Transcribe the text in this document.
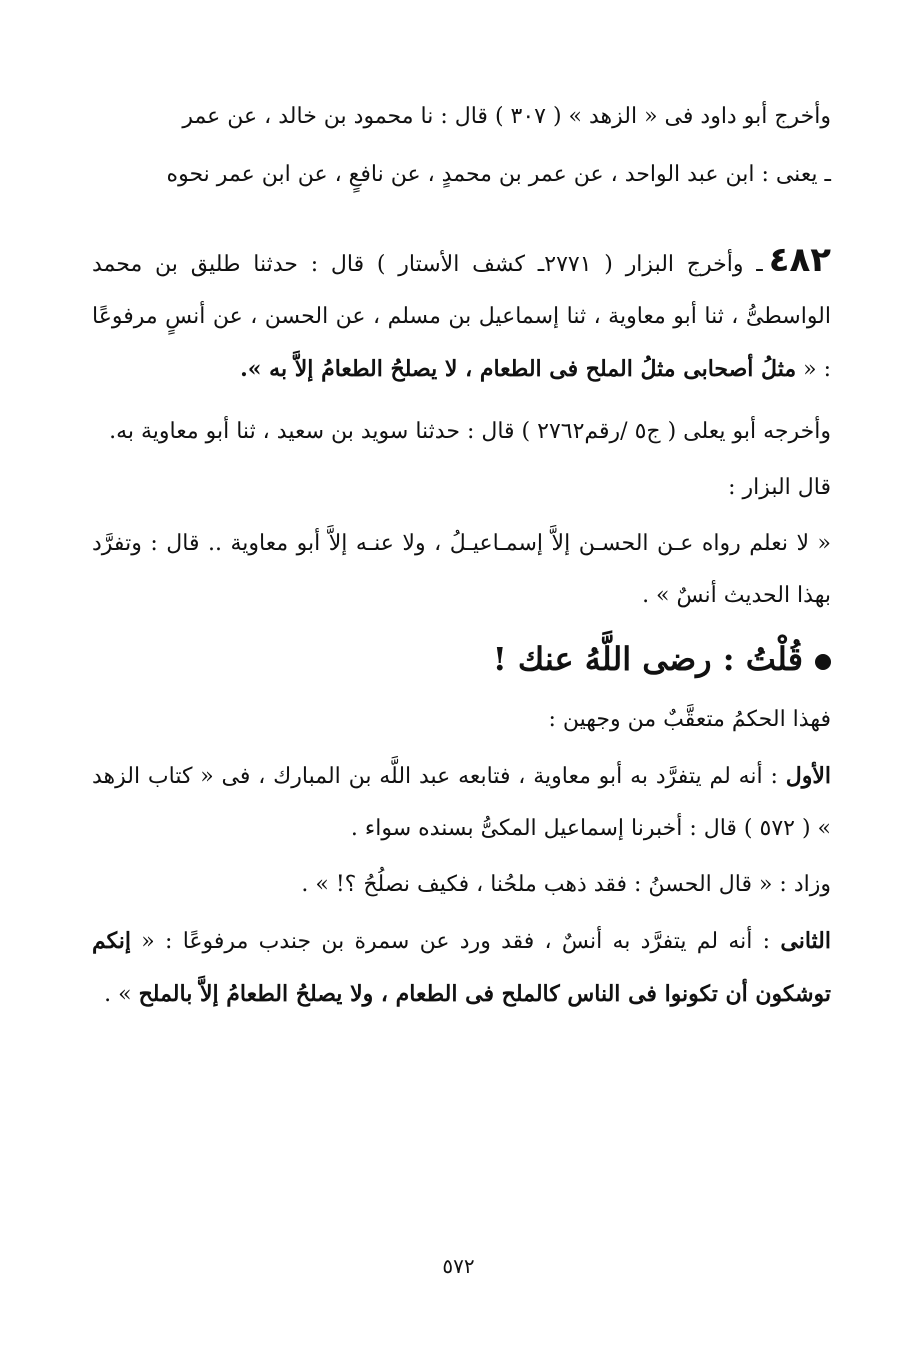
وأخرج أبو داود فى « الزهد » ( ٣٠٧ ) قال : نا محمود بن خالد ، عن عمر

ـ يعنى : ابن عبد الواحد ، عن عمر بن محمدٍ ، عن نافعٍ ، عن ابن عمر نحوه

٤٨٢ـ وأخرج البزار ( ٢٧٧١ـ كشف الأستار ) قال : حدثنا طليق بن محمد الواسطىُّ ، ثنا أبو معاوية ، ثنا إسماعيل بن مسلم ، عن الحسن ، عن أنسٍ مرفوعًا : « مثلُ أصحابى مثلُ الملح فى الطعام ، لا يصلحُ الطعامُ إلاَّ به ».

وأخرجه أبو يعلى ( ج٥ /رقم٢٧٦٢ ) قال : حدثنا سويد بن سعيد ، ثنا أبو معاوية به.

قال البزار :

« لا نعلم رواه عـن الحسـن إلاَّ إسمـاعيـلُ ، ولا عنـه إلاَّ أبو معاوية .. قال : وتفرَّد بهذا الحديث أنسٌ » .

قُلْتُ : رضى اللَّهُ عنك !

فهذا الحكمُ متعقَّبٌ من وجهين :

الأول : أنه لم يتفرَّد به أبو معاوية ، فتابعه عبد اللَّه بن المبارك ، فى « كتاب الزهد » ( ٥٧٢ ) قال : أخبرنا إسماعيل المكىُّ بسنده سواء .

وزاد : « قال الحسنُ : فقد ذهب ملحُنا ، فكيف نصلُحُ ؟! » .

الثانى : أنه لم يتفرَّد به أنسٌ ، فقد ورد عن سمرة بن جندب مرفوعًا : « إنكم توشكون أن تكونوا فى الناس كالملح فى الطعام ، ولا يصلحُ الطعامُ إلاَّ بالملح » .

٥٧٢
